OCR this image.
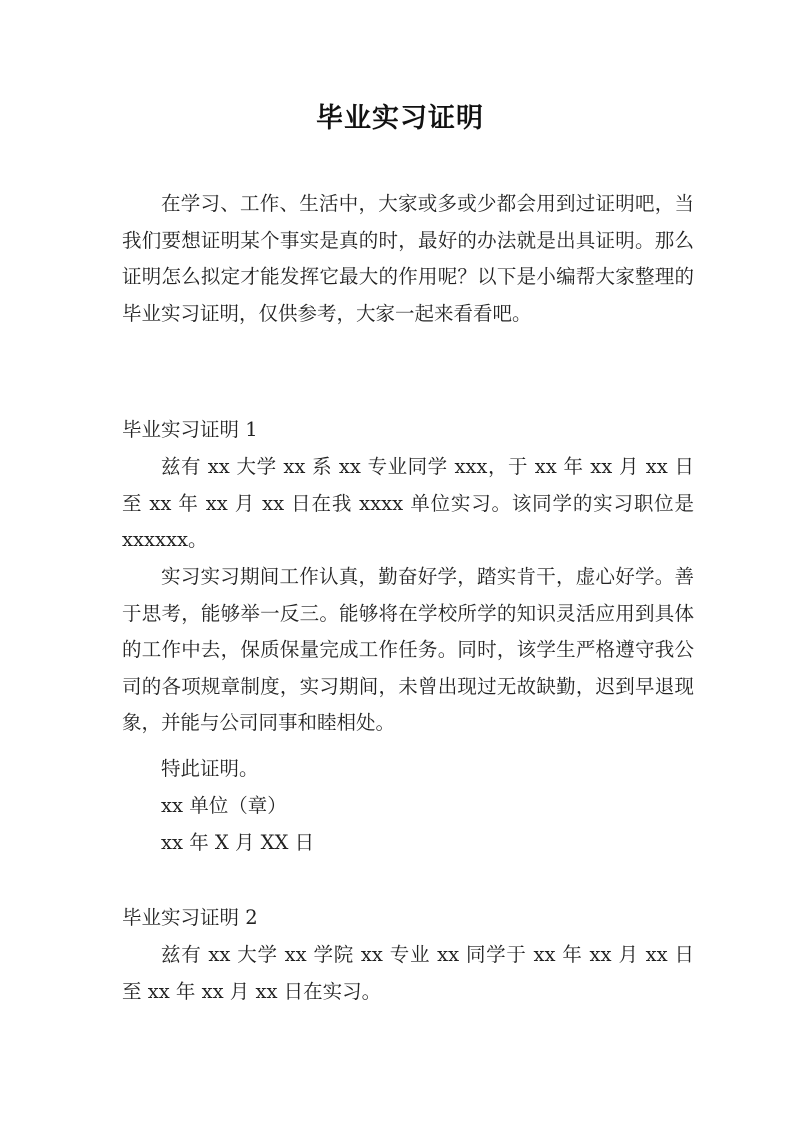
毕业实习证明

在学习、工作、生活中，大家或多或少都会用到过证明吧，当我们要想证明某个事实是真的时，最好的办法就是出具证明。那么证明怎么拟定才能发挥它最大的作用呢？以下是小编帮大家整理的毕业实习证明，仅供参考，大家一起来看看吧。

毕业实习证明 1

兹有 xx 大学 xx 系 xx 专业同学 xxx，于 xx 年 xx 月 xx 日至 xx 年 xx 月 xx 日在我 xxxx 单位实习。该同学的实习职位是 xxxxxx。

实习实习期间工作认真，勤奋好学，踏实肯干，虚心好学。善于思考，能够举一反三。能够将在学校所学的知识灵活应用到具体的工作中去，保质保量完成工作任务。同时，该学生严格遵守我公司的各项规章制度，实习期间，未曾出现过无故缺勤，迟到早退现象，并能与公司同事和睦相处。

特此证明。

xx 单位（章）

xx 年 X 月 XX 日

毕业实习证明 2

兹有 xx 大学 xx 学院 xx 专业 xx 同学于 xx 年 xx 月 xx 日至 xx 年 xx 月 xx 日在实习。
